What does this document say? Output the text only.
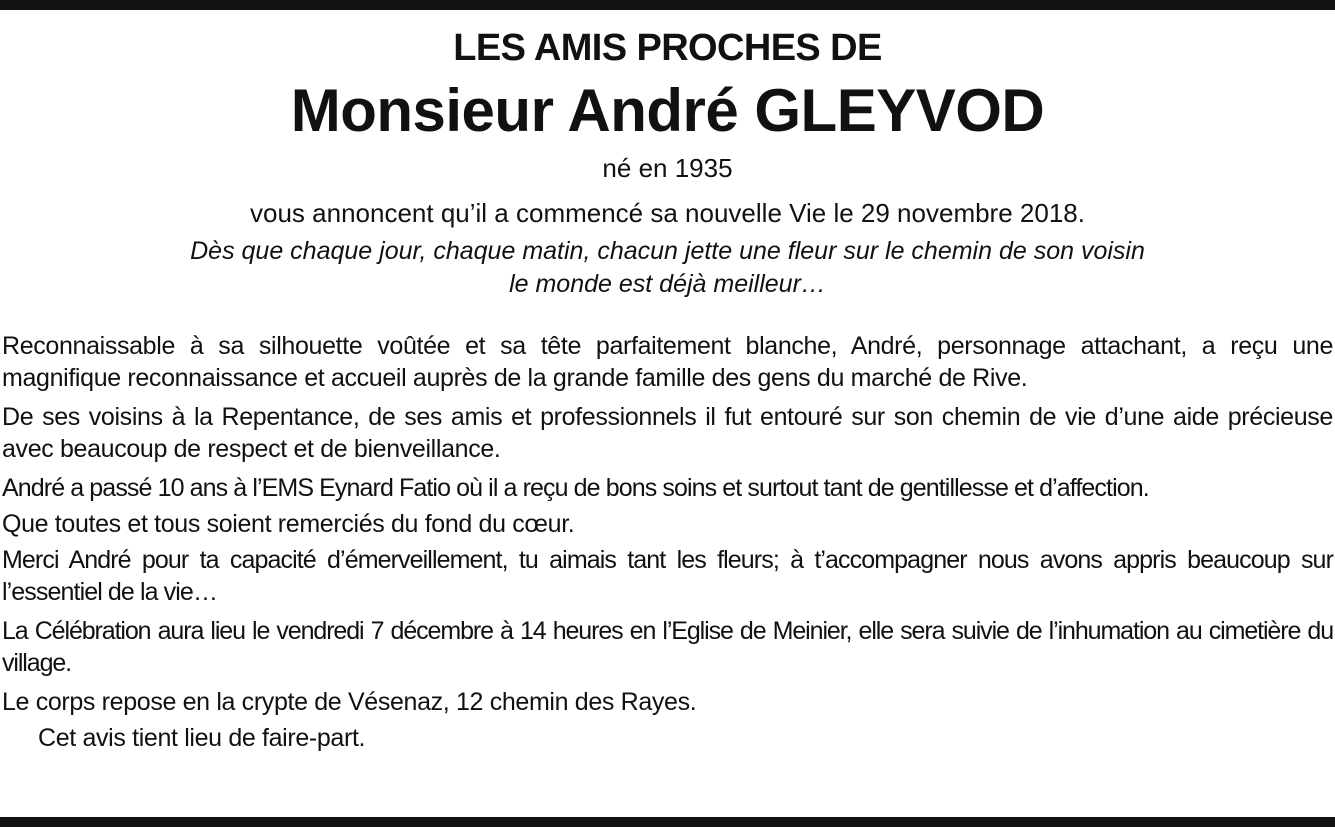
LES AMIS PROCHES DE
Monsieur André GLEYVOD
né en 1935
vous annoncent qu’il a commencé sa nouvelle Vie le 29 novembre 2018.
Dès que chaque jour, chaque matin, chacun jette une fleur sur le chemin de son voisin
le monde est déjà meilleur…

Reconnaissable à sa silhouette voûtée et sa tête parfaitement blanche, André, personnage attachant, a reçu une magnifique reconnaissance et accueil auprès de la grande famille des gens du marché de Rive.

De ses voisins à la Repentance, de ses amis et professionnels il fut entouré sur son chemin de vie d’une aide précieuse avec beaucoup de respect et de bienveillance.

André a passé 10 ans à l’EMS Eynard Fatio où il a reçu de bons soins et surtout tant de gentillesse et d’affection.

Que toutes et tous soient remerciés du fond du cœur.

Merci André pour ta capacité d’émerveillement, tu aimais tant les fleurs; à t’accompagner nous avons appris beaucoup sur l’essentiel de la vie…

La Célébration aura lieu le vendredi 7 décembre à 14 heures en l’Eglise de Meinier, elle sera suivie de l’inhumation au cimetière du village.

Le corps repose en la crypte de Vésenaz, 12 chemin des Rayes.

Cet avis tient lieu de faire-part.
